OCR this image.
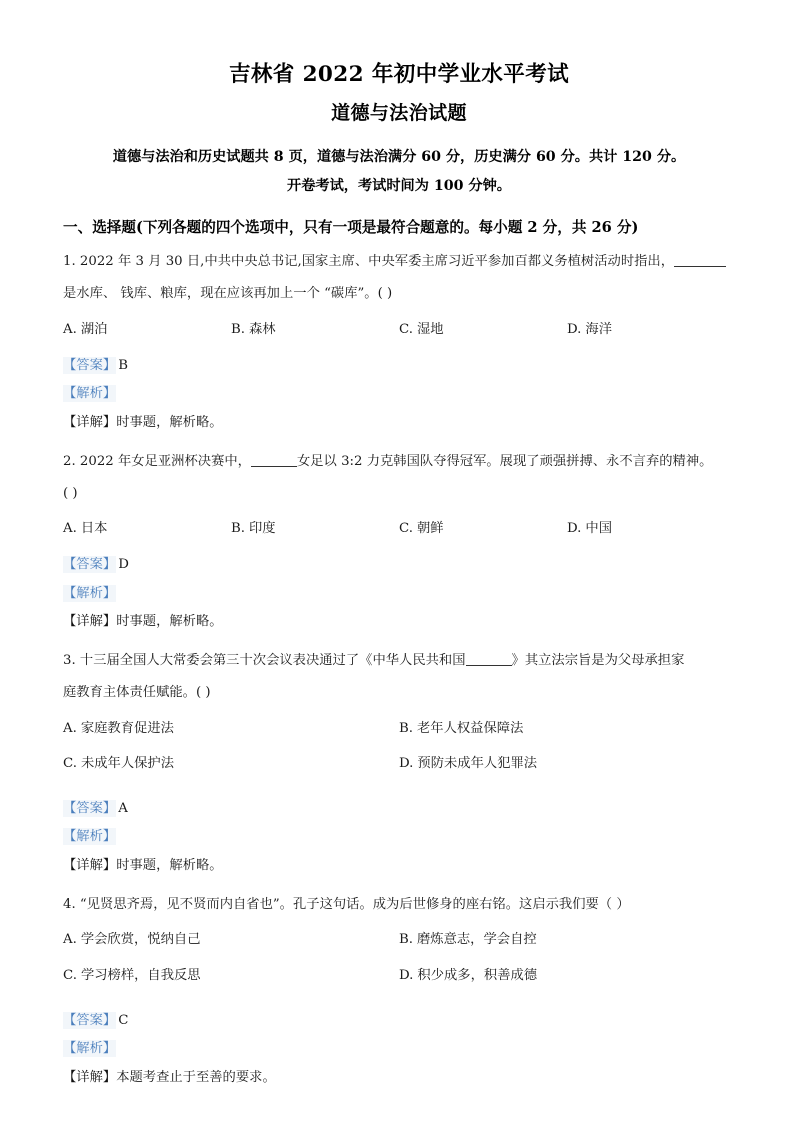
吉林省 2022 年初中学业水平考试
道德与法治试题

道德与法治和历史试题共 8 页，道德与法治满分 60 分，历史满分 60 分。共计 120 分。

开卷考试，考试时间为 100 分钟。

一、选择题(下列各题的四个选项中，只有一项是最符合题意的。每小题 2 分，共 26 分)

1. 2022 年 3 月 30 日,中共中央总书记,国家主席、中央军委主席习近平参加百都义务植树活动时指出，

是水库、 钱库、粮库，现在应该再加上一个 “碳库”。( )

A. 湖泊	B. 森林	C. 湿地	D. 海洋

【答案】 B

【解析】

【详解】时事题，解析略。

2. 2022 年女足亚洲杯决赛中，	女足以 3:2 力克韩国队夺得冠军。展现了顽强拼搏、永不言弃的精神。

( )

A. 日本	B. 印度	C. 朝鲜	D. 中国

【答案】 D

【解析】

【详解】时事题，解析略。

3. 十三届全国人大常委会第三十次会议表决通过了《中华人民共和国	》其立法宗旨是为父母承担家

庭教育主体责任赋能。( )

A. 家庭教育促进法	B. 老年人权益保障法
C. 未成年人保护法	D. 预防未成年人犯罪法

【答案】 A

【解析】

【详解】时事题，解析略。

4. “见贤思齐焉，见不贤而内自省也”。孔子这句话。成为后世修身的座右铭。这启示我们要（ ）

A. 学会欣赏，悦纳自己	B. 磨炼意志，学会自控
C. 学习榜样，自我反思	D. 积少成多，积善成德

【答案】 C

【解析】

【详解】本题考查止于至善的要求。
